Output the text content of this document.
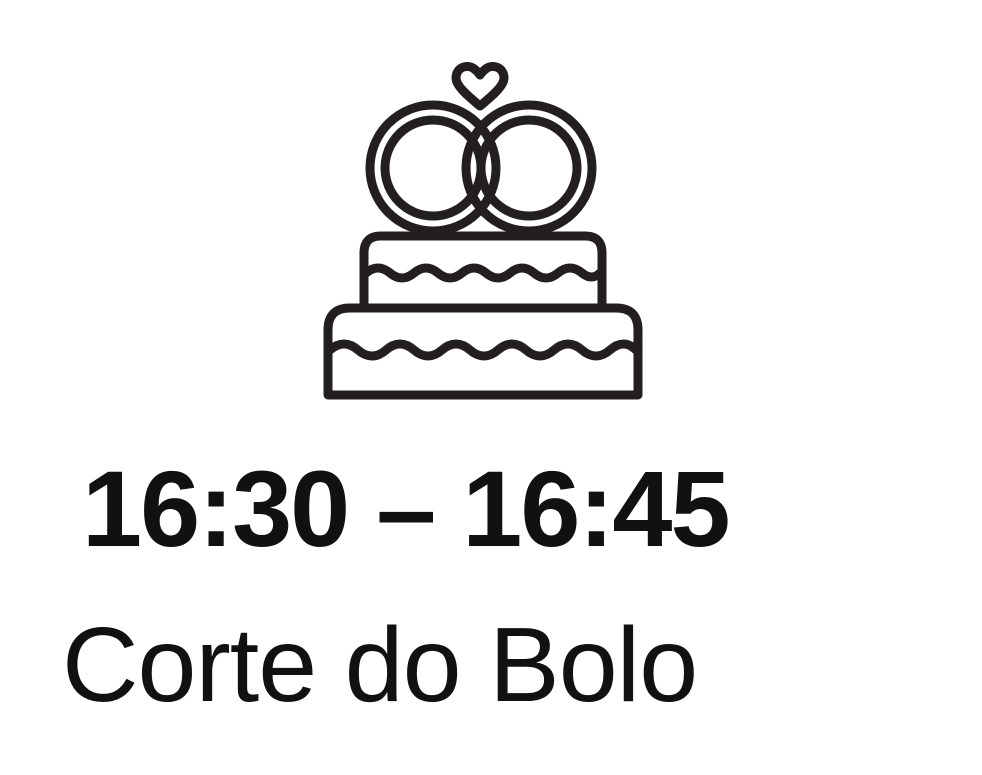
16:30 – 16:45
Corte do Bolo
